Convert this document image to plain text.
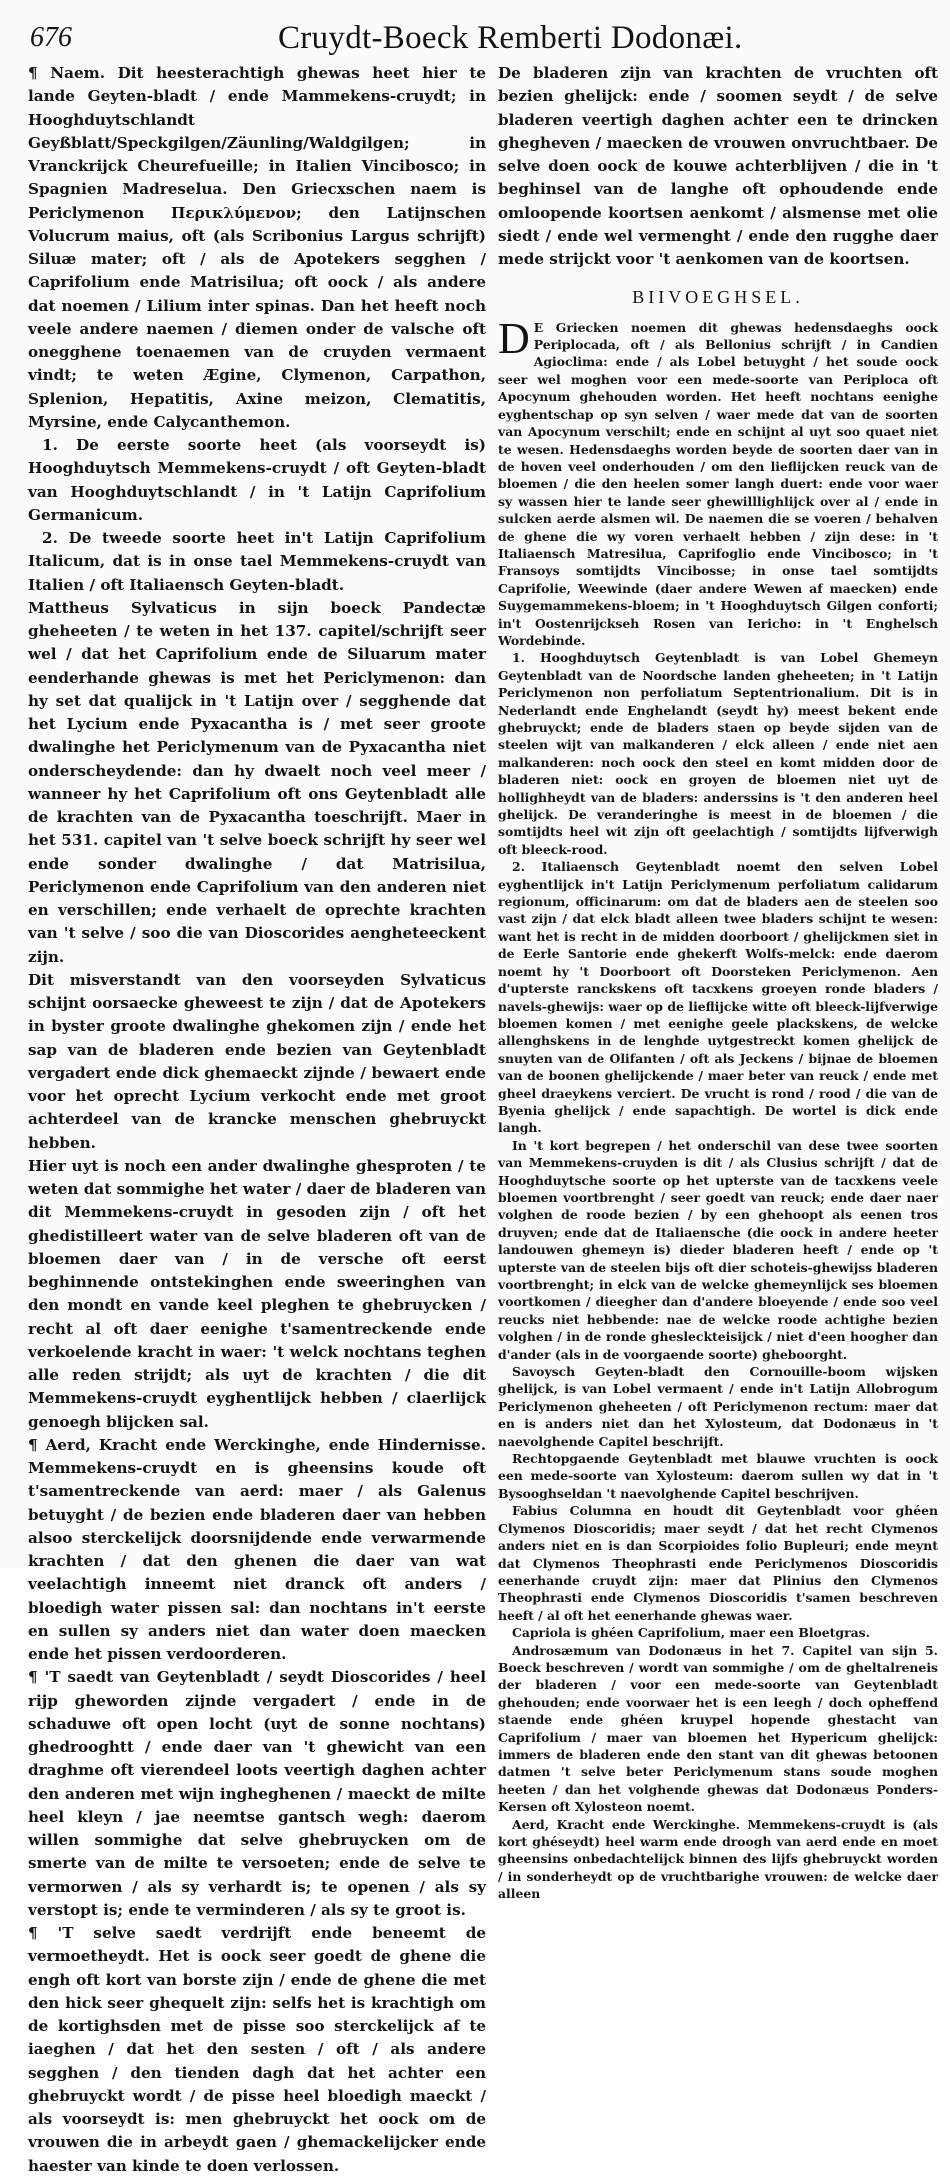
676	Cruydt-Boeck Remberti Dodonæi.

¶ Naem. Dit heesterachtigh ghewas heet hier te lande Geyten-bladt / ende Mammekens-cruydt; in Hooghduytschlandt Geyßblatt/Speckgilgen/Zäunling/Waldgilgen; in Vranckrijck Cheurefueille; in Italien Vincibosco; in Spagnien Madreselua. Den Griecxschen naem is Periclymenon Περικλύμενον; den Latijnschen Volucrum maius, oft (als Scribonius Largus schrijft) Siluæ mater; oft / als de Apotekers segghen / Caprifolium ende Matrisilua; oft oock / als andere dat noemen / Lilium inter spinas. Dan het heeft noch veele andere naemen / diemen onder de valsche oft onegghene toenaemen van de cruyden vermaent vindt; te weten Ægine, Clymenon, Carpathon, Splenion, Hepatitis, Axine meizon, Clematitis, Myrsine, ende Calycanthemon.

1. De eerste soorte heet (als voorseydt is) Hooghduytsch Memmekens-cruydt / oft Geyten-bladt van Hooghduytschlandt / in 't Latijn Caprifolium Germanicum.

2. De tweede soorte heet in't Latijn Caprifolium Italicum, dat is in onse tael Memmekens-cruydt van Italien / oft Italiaensch Geyten-bladt.

Mattheus Sylvaticus in sijn boeck Pandectæ gheheeten / te weten in het 137. capitel/schrijft seer wel / dat het Caprifolium ende de Siluarum mater eenderhande ghewas is met het Periclymenon: dan hy set dat qualijck in 't Latijn over / segghende dat het Lycium ende Pyxacantha is / met seer groote dwalinghe het Periclymenum van de Pyxacantha niet onderscheydende: dan hy dwaelt noch veel meer / wanneer hy het Caprifolium oft ons Geytenbladt alle de krachten van de Pyxacantha toeschrijft. Maer in het 531. capitel van 't selve boeck schrijft hy seer wel ende sonder dwalinghe / dat Matrisilua, Periclymenon ende Caprifolium van den anderen niet en verschillen; ende verhaelt de oprechte krachten van 't selve / soo die van Dioscorides aengheteeckent zijn.

Dit misverstandt van den voorseyden Sylvaticus schijnt oorsaecke gheweest te zijn / dat de Apotekers in byster groote dwalinghe ghekomen zijn / ende het sap van de bladeren ende bezien van Geytenbladt vergadert ende dick ghemaeckt zijnde / bewaert ende voor het oprecht Lycium verkocht ende met groot achterdeel van de krancke menschen ghebruyckt hebben.

Hier uyt is noch een ander dwalinghe ghesproten / te weten dat sommighe het water / daer de bladeren van dit Memmekens-cruydt in gesoden zijn / oft het ghedistilleert water van de selve bladeren oft van de bloemen daer van / in de versche oft eerst beghinnende ontstekinghen ende sweeringhen van den mondt en vande keel pleghen te ghebruycken / recht al oft daer eenighe t'samentreckende ende verkoelende kracht in waer: 't welck nochtans teghen alle reden strijdt; als uyt de krachten / die dit Memmekens-cruydt eyghentlijck hebben / claerlijck genoegh blijcken sal.

¶ Aerd, Kracht ende Werckinghe, ende Hindernisse. Memmekens-cruydt en is gheensins koude oft t'samentreckende van aerd: maer / als Galenus betuyght / de bezien ende bladeren daer van hebben alsoo sterckelijck doorsnijdende ende verwarmende krachten / dat den ghenen die daer van wat veelachtigh inneemt niet dranck oft anders / bloedigh water pissen sal: dan nochtans in't eerste en sullen sy anders niet dan water doen maecken ende het pissen verdoorderen.

¶ 'T saedt van Geytenbladt / seydt Dioscorides / heel rijp gheworden zijnde vergadert / ende in de schaduwe oft open locht (uyt de sonne nochtans) ghedrooghtt / ende daer van 't ghewicht van een draghme oft vierendeel loots veertigh daghen achter den anderen met wijn ingheghenen / maeckt de milte heel kleyn / jae neemtse gantsch wegh: daerom willen sommighe dat selve ghebruycken om de smerte van de milte te versoeten; ende de selve te vermorwen / als sy verhardt is; te openen / als sy verstopt is; ende te verminderen / als sy te groot is.

¶ 'T selve saedt verdrijft ende beneemt de vermoetheydt. Het is oock seer goedt de ghene die engh oft kort van borste zijn / ende de ghene die met den hick seer ghequelt zijn: selfs het is krachtigh om de kortighsden met de pisse soo sterckelijck af te iaeghen / dat het den sesten / oft / als andere segghen / den tienden dagh dat het achter een ghebruyckt wordt / de pisse heel bloedigh maeckt / als voorseydt is: men ghebruyckt het oock om de vrouwen die in arbeydt gaen / ghemackelijcker ende haester van kinde te doen verlossen.

De bladeren zijn van krachten de vruchten oft bezien ghelijck: ende / soomen seydt / de selve bladeren veertigh daghen achter een te drincken ghegheven / maecken de vrouwen onvruchtbaer. De selve doen oock de kouwe achterblijven / die in 't beghinsel van de langhe oft ophoudende ende omloopende koortsen aenkomt / alsmense met olie siedt / ende wel vermenght / ende den rugghe daer mede strijckt voor 't aenkomen van de koortsen.

BIIVOEGHSEL.

D E Griecken noemen dit ghewas hedensdaeghs oock Periplocada, oft / als Bellonius schrijft / in Candien Agioclima: ende / als Lobel betuyght / het soude oock seer wel moghen voor een mede-soorte van Periploca oft Apocynum ghehouden worden. Het heeft nochtans eenighe eyghentschap op syn selven / waer mede dat van de soorten van Apocynum verschilt; ende en schijnt al uyt soo quaet niet te wesen. Hedensdaeghs worden beyde de soorten daer van in de hoven veel onderhouden / om den lieflijcken reuck van de bloemen / die den heelen somer langh duert: ende voor waer sy wassen hier te lande seer ghewilllighlijck over al / ende in sulcken aerde alsmen wil. De naemen die se voeren / behalven de ghene die wy voren verhaelt hebben / zijn dese: in 't Italiaensch Matresilua, Caprifoglio ende Vincibosco; in 't Fransoys somtijdts Vincibosse; in onse tael somtijdts Caprifolie, Weewinde (daer andere Wewen af maecken) ende Suygemammekens-bloem; in 't Hooghduytsch Gilgen conforti; in't Oostenrijckseh Rosen van Iericho: in 't Enghelsch Wordebinde.

1. Hooghduytsch Geytenbladt is van Lobel Ghemeyn Geytenbladt van de Noordsche landen gheheeten; in 't Latijn Periclymenon non perfoliatum Septentrionalium. Dit is in Nederlandt ende Enghelandt (seydt hy) meest bekent ende ghebruyckt; ende de bladers staen op beyde sijden van de steelen wijt van malkanderen / elck alleen / ende niet aen malkanderen: noch oock den steel en komt midden door de bladeren niet: oock en groyen de bloemen niet uyt de hollighheydt van de bladers: anderssins is 't den anderen heel ghelijck. De veranderinghe is meest in de bloemen / die somtijdts heel wit zijn oft geelachtigh / somtijdts lijfverwigh oft bleeck-rood.

2. Italiaensch Geytenbladt noemt den selven Lobel eyghentlijck in't Latijn Periclymenum perfoliatum calidarum regionum, officinarum: om dat de bladers aen de steelen soo vast zijn / dat elck bladt alleen twee bladers schijnt te wesen: want het is recht in de midden doorboort / ghelijckmen siet in de Eerle Santorie ende ghekerft Wolfs-melck: ende daerom noemt hy 't Doorboort oft Doorsteken Periclymenon. Aen d'upterste ranckskens oft tacxkens groeyen ronde bladers / navels-ghewijs: waer op de lieflijcke witte oft bleeck-lijfverwige bloemen komen / met eenighe geele plackskens, de welcke allenghskens in de lenghde uytgestreckt komen ghelijck de snuyten van de Olifanten / oft als Jeckens / bijnae de bloemen van de boonen ghelijckende / maer beter van reuck / ende met gheel draeykens verciert. De vrucht is rond / rood / die van de Byenia ghelijck / ende sapachtigh. De wortel is dick ende langh.

In 't kort begrepen / het onderschil van dese twee soorten van Memmekens-cruyden is dit / als Clusius schrijft / dat de Hooghduytsche soorte op het upterste van de tacxkens veele bloemen voortbrenght / seer goedt van reuck; ende daer naer volghen de roode bezien / by een ghehoopt als eenen tros druyven; ende dat de Italiaensche (die oock in andere heeter landouwen ghemeyn is) dieder bladeren heeft / ende op 't upterste van de steelen bijs oft dier schoteis-ghewijss bladeren voortbrenght; in elck van de welcke ghemeynlijck ses bloemen voortkomen / dieegher dan d'andere bloeyende / ende soo veel reucks niet hebbende: nae de welcke roode achtighe bezien volghen / in de ronde ghesleckteisijck / niet d'een hoogher dan d'ander (als in de voorgaende soorte) gheboorght.

Savoysch Geyten-bladt den Cornouille-boom wijsken ghelijck, is van Lobel vermaent / ende in't Latijn Allobrogum Periclymenon gheheeten / oft Periclymenon rectum: maer dat en is anders niet dan het Xylosteum, dat Dodonæus in 't naevolghende Capitel beschrijft.

Rechtopgaende Geytenbladt met blauwe vruchten is oock een mede-soorte van Xylosteum: daerom sullen wy dat in 't Bysooghseldan 't naevolghende Capitel beschrijven.

Fabius Columna en houdt dit Geytenbladt voor ghéen Clymenos Dioscoridis; maer seydt / dat het recht Clymenos anders niet en is dan Scorpioides folio Bupleuri; ende meynt dat Clymenos Theophrasti ende Periclymenos Dioscoridis eenerhande cruydt zijn: maer dat Plinius den Clymenos Theophrasti ende Clymenos Dioscoridis t'samen beschreven heeft / al oft het eenerhande ghewas waer.

Capriola is ghéen Caprifolium, maer een Bloetgras.

Androsæmum van Dodonæus in het 7. Capitel van sijn 5. Boeck beschreven / wordt van sommighe / om de gheltalreneis der bladeren / voor een mede-soorte van Geytenbladt ghehouden; ende voorwaer het is een leegh / doch opheffend staende ende ghéen kruypel hopende ghestacht van Caprifolium / maer van bloemen het Hypericum ghelijck: immers de bladeren ende den stant van dit ghewas betoonen datmen 't selve beter Periclymenum stans soude moghen heeten / dan het volghende ghewas dat Dodonæus Ponders-Kersen oft Xylosteon noemt.

Aerd, Kracht ende Werckinghe. Memmekens-cruydt is (als kort ghéseydt) heel warm ende droogh van aerd ende en moet gheensins onbedachtelijck binnen des lijfs ghebruyckt worden / in sonderheydt op de vruchtbarighe vrouwen: de welcke daer alleen
